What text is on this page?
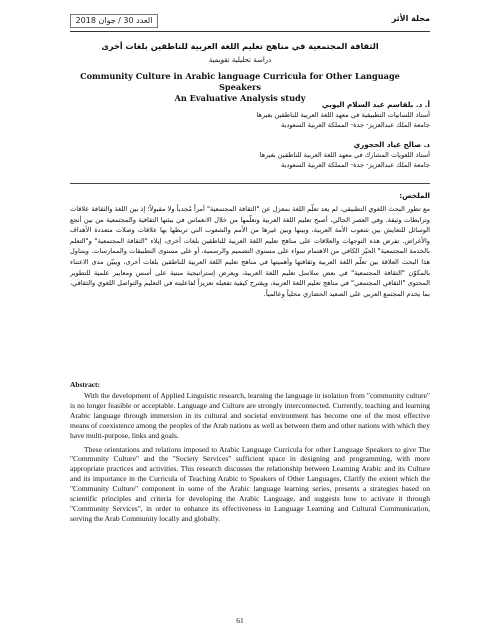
العدد 30 / جوان 2018	مجلة الأثر
الثقافة المجتمعية في مناهج تعليم اللغة العربية للناطقين بلغات أخرى
دراسة تحليلية تقويمية
Community Culture in Arabic language Curricula for Other Language Speakers
An Evaluative Analysis study
أ. د. بلقاسم عبد السلام اليوبي
أستاذ اللسانيات التطبيقية في معهد اللغة العربية للناطقين بغيرها
جامعة الملك عبدالعزيز- جدة- المملكة العربية السعودية
د. صالح عياد الحجوري
أستاذ اللغويات المشارك في معهد اللغة العربية للناطقين بغيرها
جامعة الملك عبدالعزيز- جدة- المملكة العربية السعودية
الملخص:

مع تطور البحث اللغوي التطبيقي، لم يعد تعلّم اللغة بمعزل عن "الثقافة المجتمعية" أمراً مُجدياً ولا مقبولاً؛ إذ بين اللغة والثقافة علاقات وترابطات وثيقة. وفي العصر الحالي، أصبح تعليم اللغة العربية وتعلّمها من خلال الانغماس في بيئتها الثقافية والمجتمعية من بين أنجع الوسائل للتعايش بين شعوب الأمة العربية، وبينها وبين غيرها من الأمم والشعوب التي تربطها بها علاقات وصلات متعددة الأهداف والأغراض. تفرض هذه التوجهات والعلاقات على مناهج تعليم اللغة العربية للناطقين بلغات أخرى، إيلاء "الثقافة المجتمعية" و"التعلم بالخدمة المجتمعية" الحيّز الكافي من الاهتمام سواء على مستوى التصميم والرسمية، أو على مستوى التطبيقات والممارسات. ويتناول هذا البحث العلاقة بين تعلّم اللغة العربية وثقافتها وأهميتها في مناهج تعليم اللغة العربية للناطقين بلغات أخرى، ويبيّن مدى الاعتناء بالمكوّن "الثقافة المجتمعية" في بعض سلاسل تعليم اللغة العربية، ويعرض إستراتيجية مبنية على أسس ومعايير علمية للتطوير المحتوى "الثقافي المجتمعي" في مناهج تعليم اللغة العربية، ويقترح كيفية تفعيله تعزيزاً لفاعليته في التعليم والتواصل اللغوي والثقافي، بما يخدم المجتمع العربي على الصعيد الحضاري محلياً وعالمياً.

Abstract:

With the development of Applied Linguistic research, learning the language in isolation from "community culture" is no longer feasible or acceptable. Language and Culture are strongly interconnected. Currently, teaching and learning Arabic language through immersion in its cultural and societal environment has become one of the most effective means of coexistence among the peoples of the Arab nations as well as between them and other nations with which they have multi-purpose, links and goals.

These orientations and relations imposed to Arabic Language Curricula for other Language Speakers to give The "Community Culture" and the "Society Services" sufficient space in designing and programming, with more appropriate practices and activities. This research discusses the relationship between Learning Arabic and its Culture and its importance in the Curricula of Teaching Arabic to Speakers of Other Languages, Clarify the extent which the "Community Culture" component in some of the Arabic language learning series, presents a strategies based on scientific principles and criteria for developing the Arabic Language, and suggests how to activate it through "Community Services", in order to enhance its effectiveness in Language Learning and Cultural Communication, serving the Arab Community locally and globally.

61
